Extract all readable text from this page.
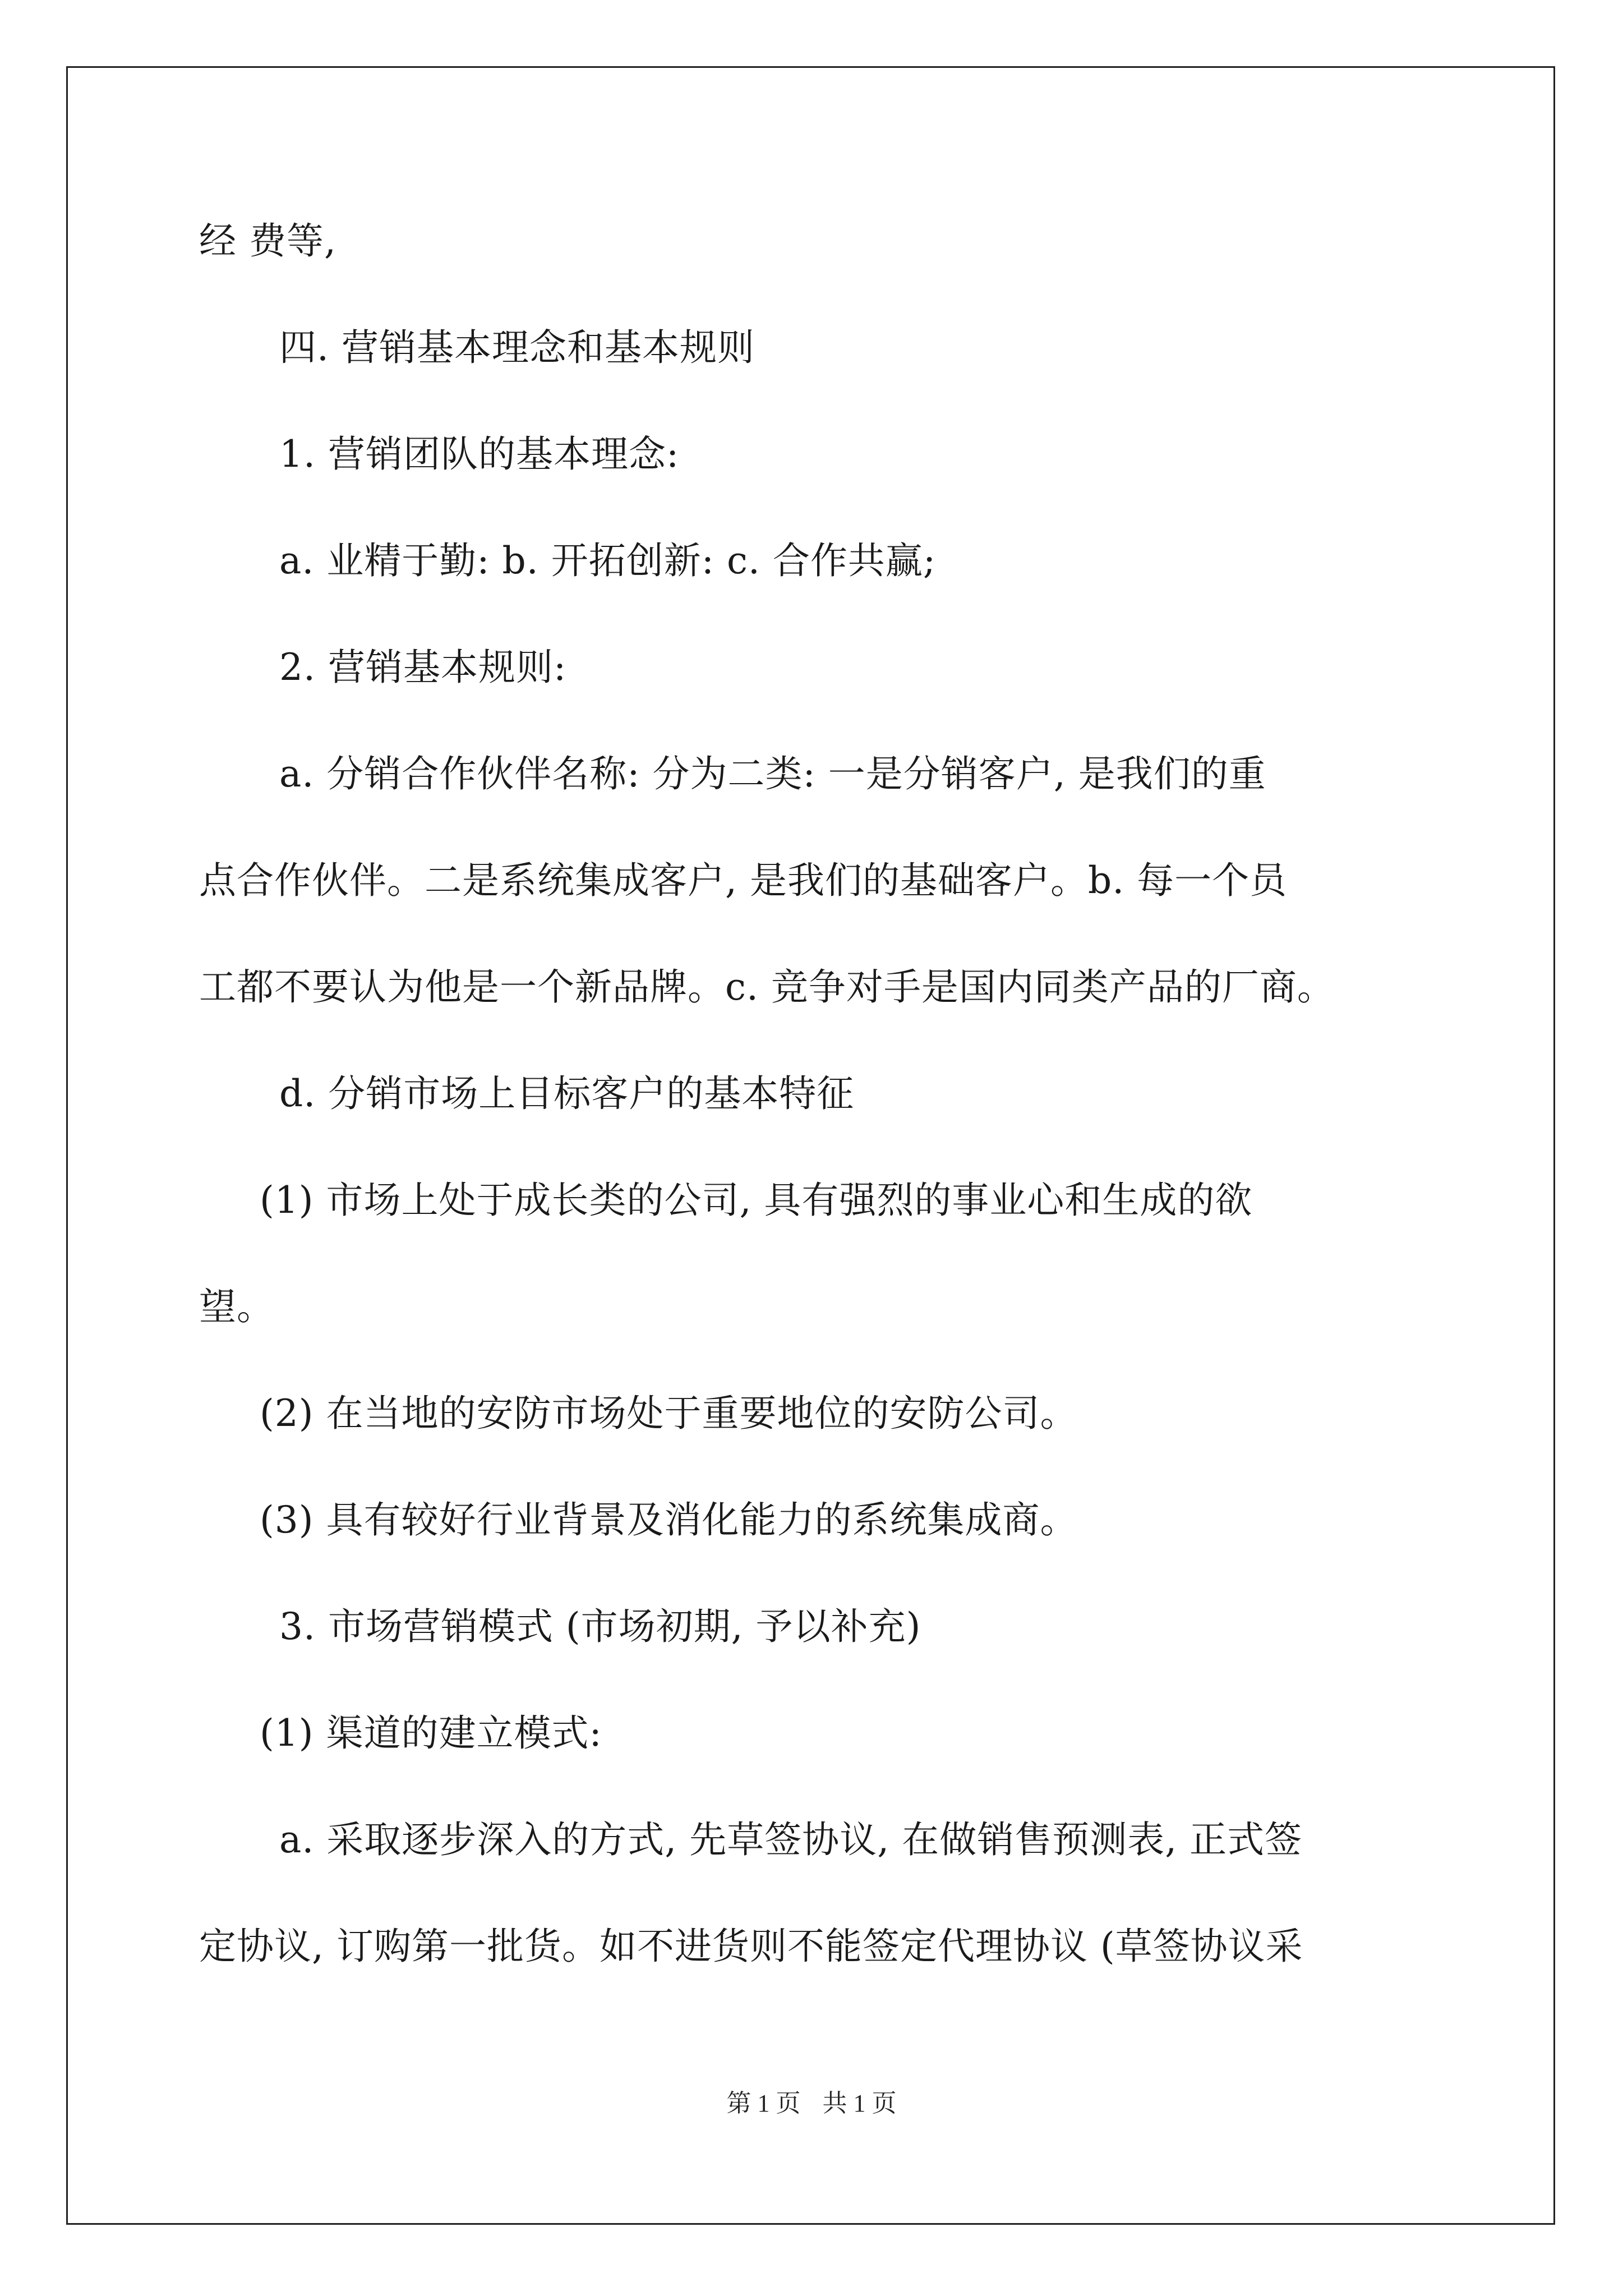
经 费等,
四. 营销基本理念和基本规则
1. 营销团队的基本理念:
a. 业精于勤: b. 开拓创新: c. 合作共赢;
2. 营销基本规则:
a. 分销合作伙伴名称: 分为二类: 一是分销客户, 是我们的重
点合作伙伴。二是系统集成客户, 是我们的基础客户。b. 每一个员
工都不要认为他是一个新品牌。c. 竞争对手是国内同类产品的厂商。
d. 分销市场上目标客户的基本特征
(1) 市场上处于成长类的公司, 具有强烈的事业心和生成的欲
望。
(2) 在当地的安防市场处于重要地位的安防公司。
(3) 具有较好行业背景及消化能力的系统集成商。
3. 市场营销模式 (市场初期, 予以补充)
(1) 渠道的建立模式:
a. 采取逐步深入的方式, 先草签协议, 在做销售预测表, 正式签
定协议, 订购第一批货。如不进货则不能签定代理协议 (草签协议采
第 1 页 共 1 页
